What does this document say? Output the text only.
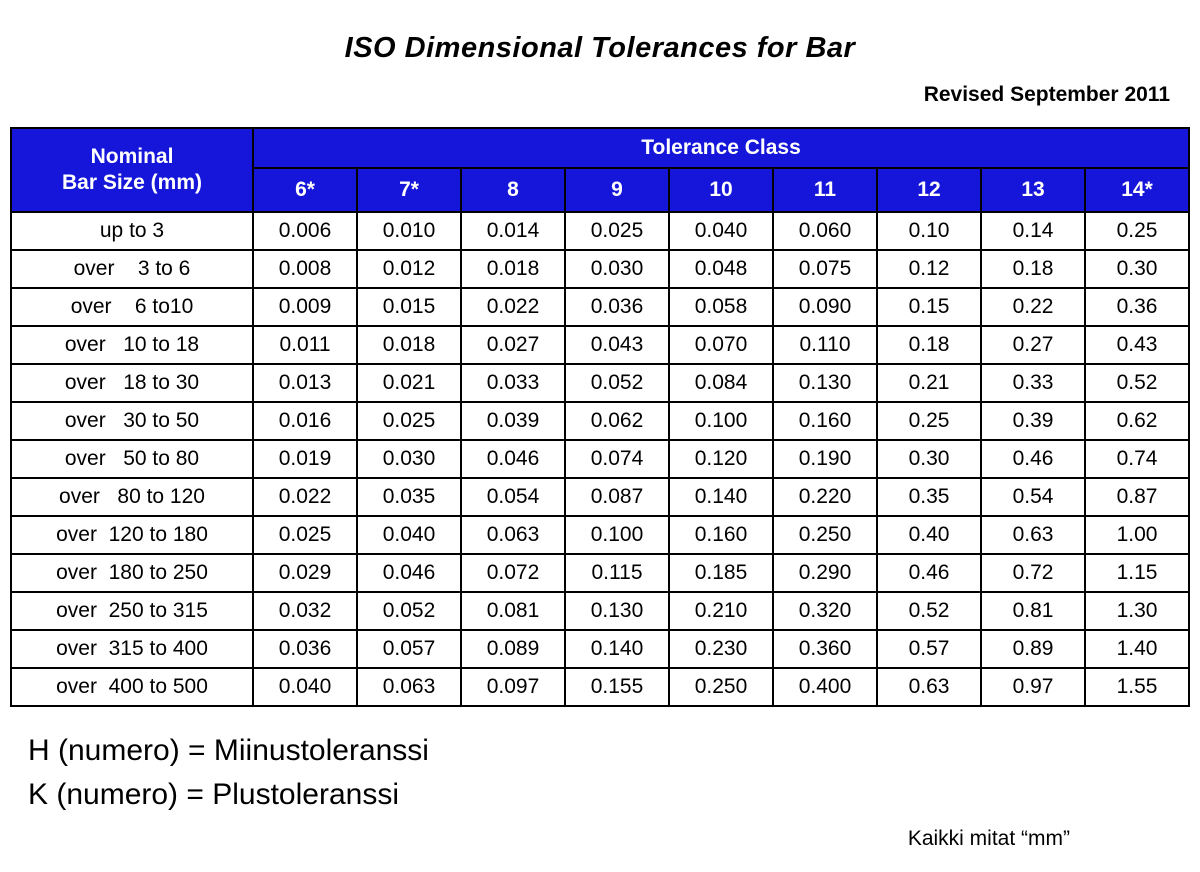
ISO Dimensional Tolerances for Bar
Revised September 2011
Nominal
Bar Size (mm)	Tolerance Class								
	6*	7*	8	9	10	11	12	13	14*
up to 3	0.006	0.010	0.014	0.025	0.040	0.060	0.10	0.14	0.25
over    3 to 6	0.008	0.012	0.018	0.030	0.048	0.075	0.12	0.18	0.30
over    6 to10	0.009	0.015	0.022	0.036	0.058	0.090	0.15	0.22	0.36
over   10 to 18	0.011	0.018	0.027	0.043	0.070	0.110	0.18	0.27	0.43
over   18 to 30	0.013	0.021	0.033	0.052	0.084	0.130	0.21	0.33	0.52
over   30 to 50	0.016	0.025	0.039	0.062	0.100	0.160	0.25	0.39	0.62
over   50 to 80	0.019	0.030	0.046	0.074	0.120	0.190	0.30	0.46	0.74
over   80 to 120	0.022	0.035	0.054	0.087	0.140	0.220	0.35	0.54	0.87
over  120 to 180	0.025	0.040	0.063	0.100	0.160	0.250	0.40	0.63	1.00
over  180 to 250	0.029	0.046	0.072	0.115	0.185	0.290	0.46	0.72	1.15
over  250 to 315	0.032	0.052	0.081	0.130	0.210	0.320	0.52	0.81	1.30
over  315 to 400	0.036	0.057	0.089	0.140	0.230	0.360	0.57	0.89	1.40
over  400 to 500	0.040	0.063	0.097	0.155	0.250	0.400	0.63	0.97	1.55
H (numero) = Miinustoleranssi
K (numero) = Plustoleranssi
Kaikki mitat “mm”
